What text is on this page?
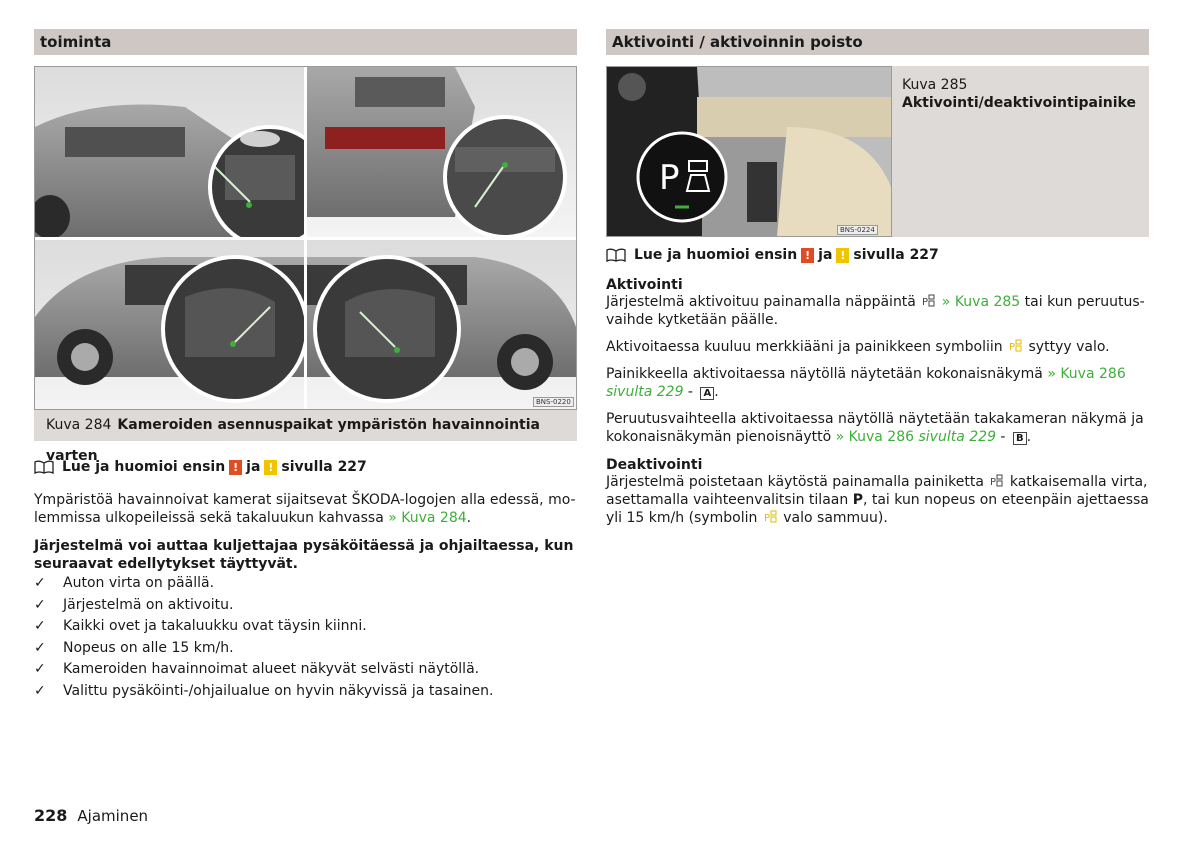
toiminta
BNS-0220
Kuva 284 Kameroiden asennuspaikat ympäristön havainnointia varten
Lue ja huomioi ensin ! ja ! sivulla 227

Ympäristöä havainnoivat kamerat sijaitsevat ŠKODA-logojen alla edessä, mo-
lemmissa ulkopeileissä sekä takaluukun kahvassa » Kuva 284.

Järjestelmä voi auttaa kuljettajaa pysäköitäessä ja ohjailtaessa, kun
seuraavat edellytykset täyttyvät.

✓ Auton virta on päällä.
✓ Järjestelmä on aktivoitu.
✓ Kaikki ovet ja takaluukku ovat täysin kiinni.
✓ Nopeus on alle 15 km/h.
✓ Kameroiden havainnoimat alueet näkyvät selvästi näytöllä.
✓ Valittu pysäköinti-/ohjailualue on hyvin näkyvissä ja tasainen.
Aktivointi / aktivoinnin poisto
P
BNS-0224
Kuva 285
Aktivointi/deaktivointipainike
Lue ja huomioi ensin ! ja ! sivulla 227
Aktivointi

Järjestelmä aktivoituu painamalla näppäintä P » Kuva 285 tai kun peruutus-
vaihde kytketään päälle.

Aktivoitaessa kuuluu merkkiääni ja painikkeen symboliin P syttyy valo.

Painikkeella aktivoitaessa näytöllä näytetään kokonaisnäkymä » Kuva 286
sivulta 229 - A .

Peruutusvaihteella aktivoitaessa näytöllä näytetään takakameran näkymä ja
kokonaisnäkymän pienoisnäyttö » Kuva 286 sivulta 229 - B .

Deaktivointi

Järjestelmä poistetaan käytöstä painamalla painiketta P katkaisemalla virta,
asettamalla vaihteenvalitsin tilaan P, tai kun nopeus on eteenpäin ajettaessa
yli 15 km/h (symbolin P valo sammuu).

228 Ajaminen
